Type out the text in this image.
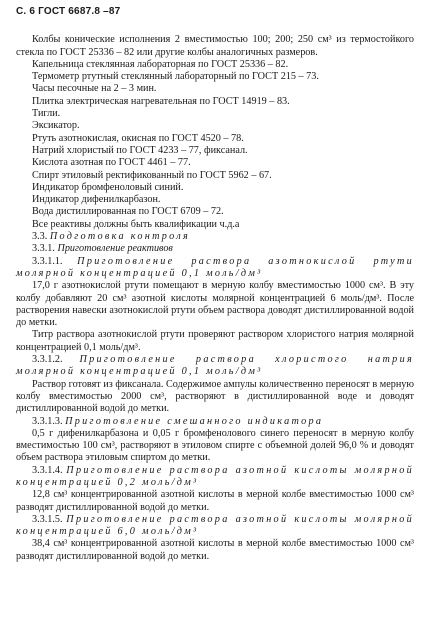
С. 6 ГОСТ 6687.8 –87

Колбы конические исполнения 2 вместимостью 100; 200; 250 см³ из термостойкого стекла по ГОСТ 25336 – 82 или другие колбы аналогичных размеров.

Капельница стеклянная лабораторная по ГОСТ 25336 – 82.

Термометр ртутный стеклянный лабораторный по ГОСТ 215 – 73.

Часы песочные на 2 – 3 мин.

Плитка электрическая нагревательная по ГОСТ 14919 – 83.

Тигли.

Эксикатор.

Ртуть азотнокислая, окисная по ГОСТ 4520 – 78.

Натрий хлористый по ГОСТ 4233 – 77, фиксанал.

Кислота азотная по ГОСТ 4461 – 77.

Спирт этиловый ректификованный по ГОСТ 5962 – 67.

Индикатор бромфеноловый синий.

Индикатор дифенилкарбазон.

Вода дистиллированная по ГОСТ 6709 – 72.

Все реактивы должны быть квалификации ч.д.а

3.3. Подготовка контроля

3.3.1. Приготовление реактивов

3.3.1.1. Приготовление раствора азотнокислой ртути молярной концентрацией 0,1 моль/дм³

17,0 г азотнокислой ртути помещают в мерную колбу вместимостью 1000 см³. В эту колбу добавляют 20 см³ азотной кислоты молярной концентрацией 6 моль/дм³. После растворения навески азотнокислой ртути объем раствора доводят дистиллированной водой до метки.

Титр раствора азотнокислой ртути проверяют раствором хлористого натрия молярной концентрацией 0,1 моль/дм³.

3.3.1.2. Приготовление раствора хлористого натрия молярной концентрацией 0,1 моль/дм³

Раствор готовят из фиксанала. Содержимое ампулы количественно переносят в мерную колбу вместимостью 2000 см³, растворяют в дистиллированной воде и доводят дистиллированной водой до метки.

3.3.1.3. Приготовление смешанного индикатора

0,5 г дифенилкарбазона и 0,05 г бромфенолового синего переносят в мерную колбу вместимостью 100 см³, растворяют в этиловом спирте с объемной долей 96,0 % и доводят объем раствора этиловым спиртом до метки.

3.3.1.4. Приготовление раствора азотной кислоты молярной концентрацией 0,2 моль/дм³

12,8 см³ концентрированной азотной кислоты в мерной колбе вместимостью 1000 см³ разводят дистиллированной водой до метки.

3.3.1.5. Приготовление раствора азотной кислоты молярной концентрацией 6,0 моль/дм³

38,4 см³ концентрированной азотной кислоты в мерной колбе вместимостью 1000 см³ разводят дистиллированной водой до метки.
